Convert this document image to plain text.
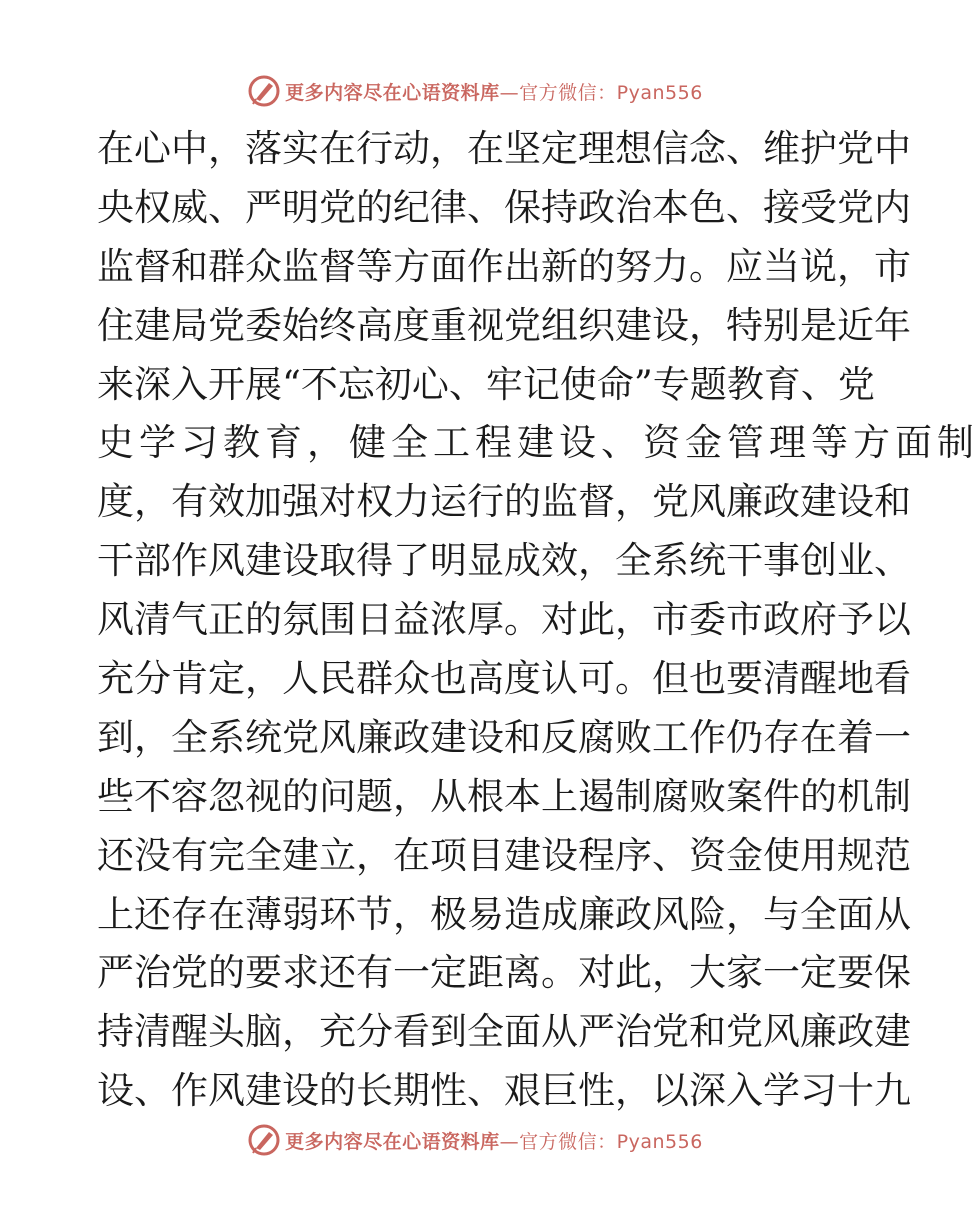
更多内容尽在心语资料库—官方微信：Pyan556
在心中，落实在行动，在坚定理想信念、维护党中
央权威、严明党的纪律、保持政治本色、接受党内
监督和群众监督等方面作出新的努力。应当说，市
住建局党委始终高度重视党组织建设，特别是近年
来深入开展“不忘初心、牢记使命”专题教育、党
史学习教育，健全工程建设、资金管理等方面制
度，有效加强对权力运行的监督，党风廉政建设和
干部作风建设取得了明显成效，全系统干事创业、
风清气正的氛围日益浓厚。对此，市委市政府予以
充分肯定，人民群众也高度认可。但也要清醒地看
到，全系统党风廉政建设和反腐败工作仍存在着一
些不容忽视的问题，从根本上遏制腐败案件的机制
还没有完全建立，在项目建设程序、资金使用规范
上还存在薄弱环节，极易造成廉政风险，与全面从
严治党的要求还有一定距离。对此，大家一定要保
持清醒头脑，充分看到全面从严治党和党风廉政建
设、作风建设的长期性、艰巨性，以深入学习十九
更多内容尽在心语资料库—官方微信：Pyan556
